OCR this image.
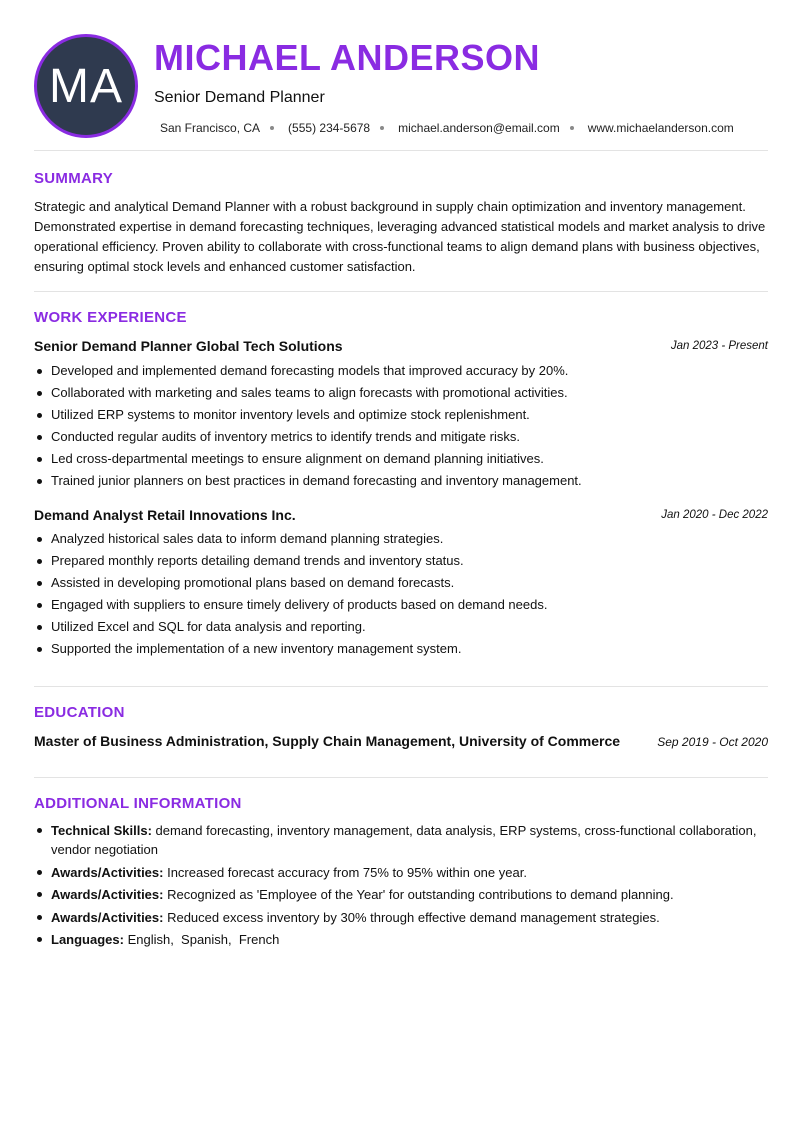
MA
MICHAEL ANDERSON
Senior Demand Planner
San Francisco, CA (555) 234-5678 michael.anderson@email.com www.michaelanderson.com
SUMMARY
Strategic and analytical Demand Planner with a robust background in supply chain optimization and inventory management. Demonstrated expertise in demand forecasting techniques, leveraging advanced statistical models and market analysis to drive operational efficiency. Proven ability to collaborate with cross-functional teams to align demand plans with business objectives, ensuring optimal stock levels and enhanced customer satisfaction.
WORK EXPERIENCE
Senior Demand Planner Global Tech Solutions	Jan 2023 - Present
Developed and implemented demand forecasting models that improved accuracy by 20%.
Collaborated with marketing and sales teams to align forecasts with promotional activities.
Utilized ERP systems to monitor inventory levels and optimize stock replenishment.
Conducted regular audits of inventory metrics to identify trends and mitigate risks.
Led cross-departmental meetings to ensure alignment on demand planning initiatives.
Trained junior planners on best practices in demand forecasting and inventory management.
Demand Analyst Retail Innovations Inc.	Jan 2020 - Dec 2022
Analyzed historical sales data to inform demand planning strategies.
Prepared monthly reports detailing demand trends and inventory status.
Assisted in developing promotional plans based on demand forecasts.
Engaged with suppliers to ensure timely delivery of products based on demand needs.
Utilized Excel and SQL for data analysis and reporting.
Supported the implementation of a new inventory management system.
EDUCATION
Master of Business Administration, Supply Chain Management, University of Commerce	Sep 2019 - Oct 2020
ADDITIONAL INFORMATION
Technical Skills: demand forecasting, inventory management, data analysis, ERP systems, cross-functional collaboration, vendor negotiation
Awards/Activities: Increased forecast accuracy from 75% to 95% within one year.
Awards/Activities: Recognized as 'Employee of the Year' for outstanding contributions to demand planning.
Awards/Activities: Reduced excess inventory by 30% through effective demand management strategies.
Languages: English,  Spanish,  French
